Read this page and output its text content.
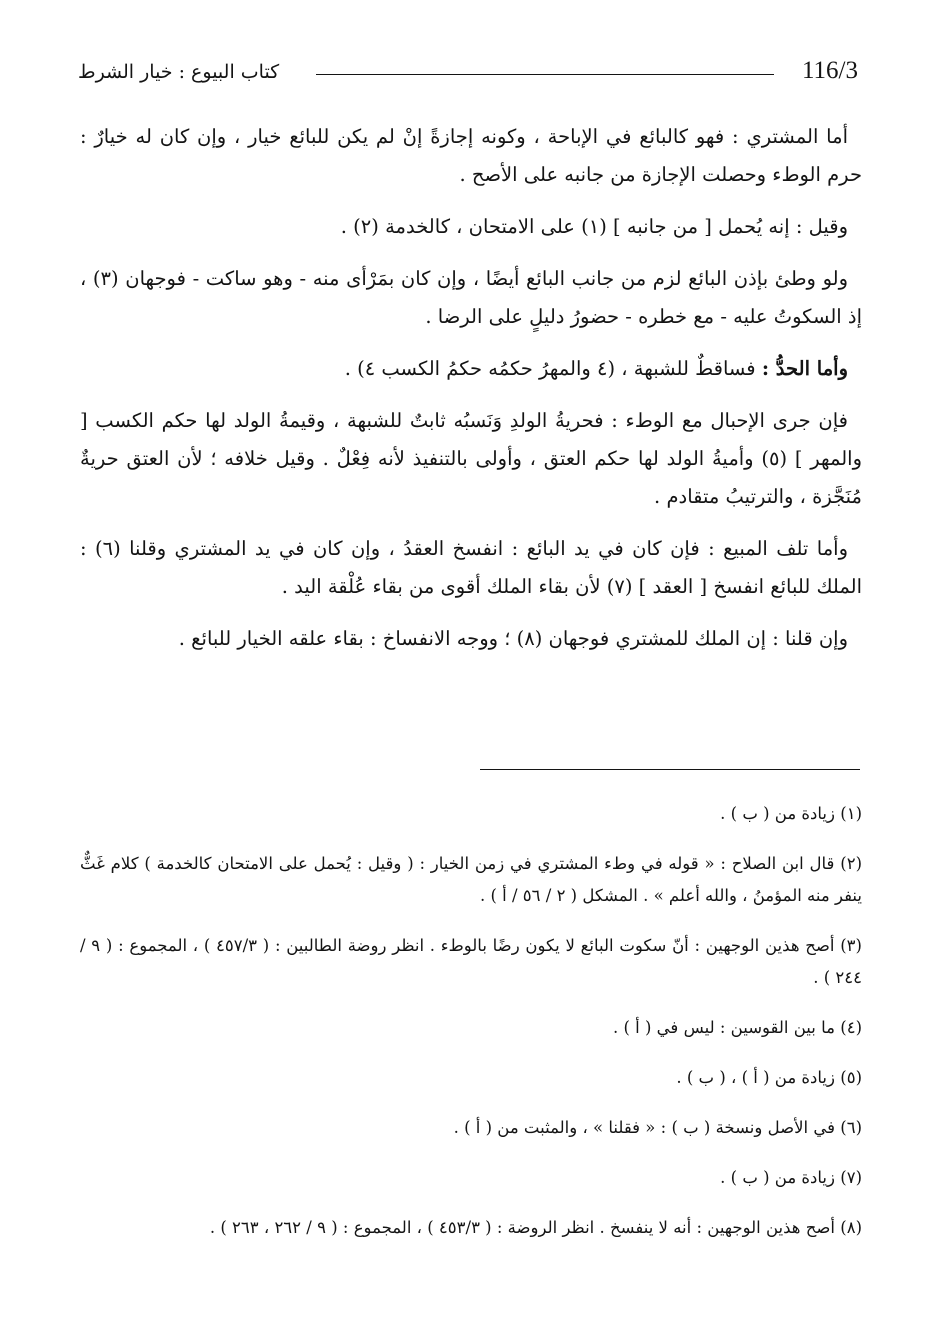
116/3
كتاب البيوع : خيار الشرط

أما المشتري : فهو كالبائع في الإباحة ، وكونه إجازةً إنْ لم يكن للبائع خيار ، وإن كان له خيارٌ : حرم الوطء وحصلت الإجازة من جانبه على الأصح .

وقيل : إنه يُحمل [ من جانبه ] (١) على الامتحان ، كالخدمة (٢) .

ولو وطئ بإذن البائع لزم من جانب البائع أيضًا ، وإن كان بمَرْأى منه - وهو ساكت - فوجهان (٣) ، إذ السكوتُ عليه - مع خطره - حضورُ دليلٍ على الرضا .

وأما الحدُّ : فساقطٌ للشبهة ، (٤ والمهرُ حكمُه حكمُ الكسب ٤) .

فإن جرى الإحبال مع الوطء : فحريةُ الولدِ وَنَسبُه ثابتٌ للشبهة ، وقيمةُ الولد لها حكم الكسب [ والمهر ] (٥) وأميةُ الولد لها حكم العتق ، وأولى بالتنفيذ لأنه فِعْلٌ . وقيل خلافه ؛ لأن العتق حريةٌ مُنَجَّزة ، والترتيبُ متقادم .

وأما تلف المبيع : فإن كان في يد البائع : انفسخ العقدُ ، وإن كان في يد المشتري وقلنا (٦) : الملك للبائع انفسخ [ العقد ] (٧) لأن بقاء الملك أقوى من بقاء عُلْقة اليد .

وإن قلنا : إن الملك للمشتري فوجهان (٨) ؛ ووجه الانفساخ : بقاء علقه الخيار للبائع .

(١) زيادة من ( ب ) .

(٢) قال ابن الصلاح : « قوله في وطء المشتري في زمن الخيار : ( وقيل : يُحمل على الامتحان كالخدمة ) كلام غَثٌّ ينفر منه المؤمنُ ، والله أعلم » . المشكل ( ٢ / ٥٦ / أ ) .

(٣) أصح هذين الوجهين : أنّ سكوت البائع لا يكون رضًا بالوطء . انظر روضة الطالبين : ( ٤٥٧/٣ ) ، المجموع : ( ٩ / ٢٤٤ ) .

(٤) ما بين القوسين : ليس في ( أ ) .

(٥) زيادة من ( أ ) ، ( ب ) .

(٦) في الأصل ونسخة ( ب ) : « فقلنا » ، والمثبت من ( أ ) .

(٧) زيادة من ( ب ) .

(٨) أصح هذين الوجهين : أنه لا ينفسخ . انظر الروضة : ( ٤٥٣/٣ ) ، المجموع : ( ٩ / ٢٦٢ ، ٢٦٣ ) .
